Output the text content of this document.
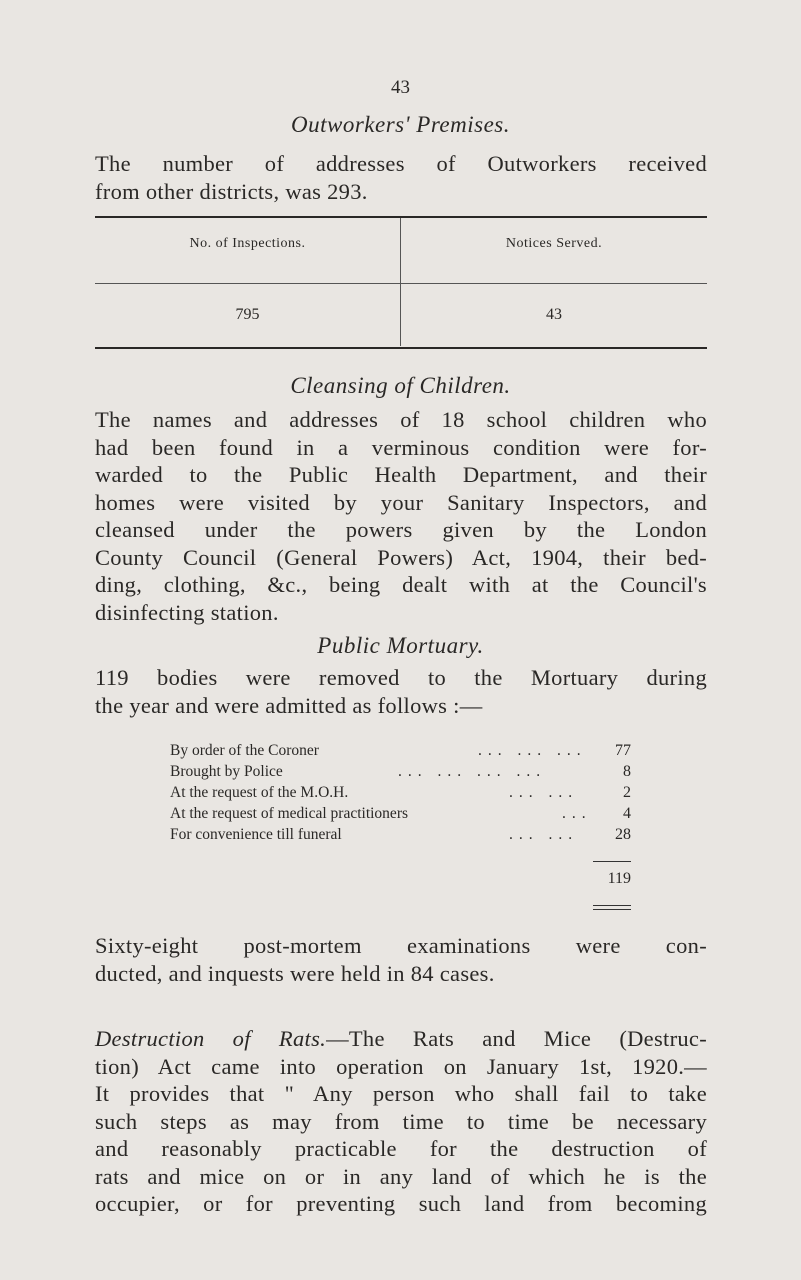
43
Outworkers' Premises.
The number of addresses of Outworkers received
from other districts, was 293.
No. of Inspections.	Notices Served.
795	43
Cleansing of Children.
The names and addresses of 18 school children who
had been found in a verminous condition were for-
warded to the Public Health Department, and their
homes were visited by your Sanitary Inspectors, and
cleansed under the powers given by the London
County Council (General Powers) Act, 1904, their bed-
ding, clothing, &c., being dealt with at the Council's
disinfecting station.
Public Mortuary.
119 bodies were removed to the Mortuary during
the year and were admitted as follows :—
By order of the Coroner	... ... ... 77
Brought by Police	... ... ... ...	8
At the request of the M.O.H.	... ...	2
At the request of medical practitioners	... 4
For convenience till funeral	... ... 28
119
Sixty-eight post-mortem examinations were con-
ducted, and inquests were held in 84 cases.
Destruction of Rats.—The Rats and Mice (Destruc-
tion) Act came into operation on January 1st, 1920.—
It provides that " Any person who shall fail to take
such steps as may from time to time be necessary
and reasonably practicable for the destruction of
rats and mice on or in any land of which he is the
occupier, or for preventing such land from becoming
